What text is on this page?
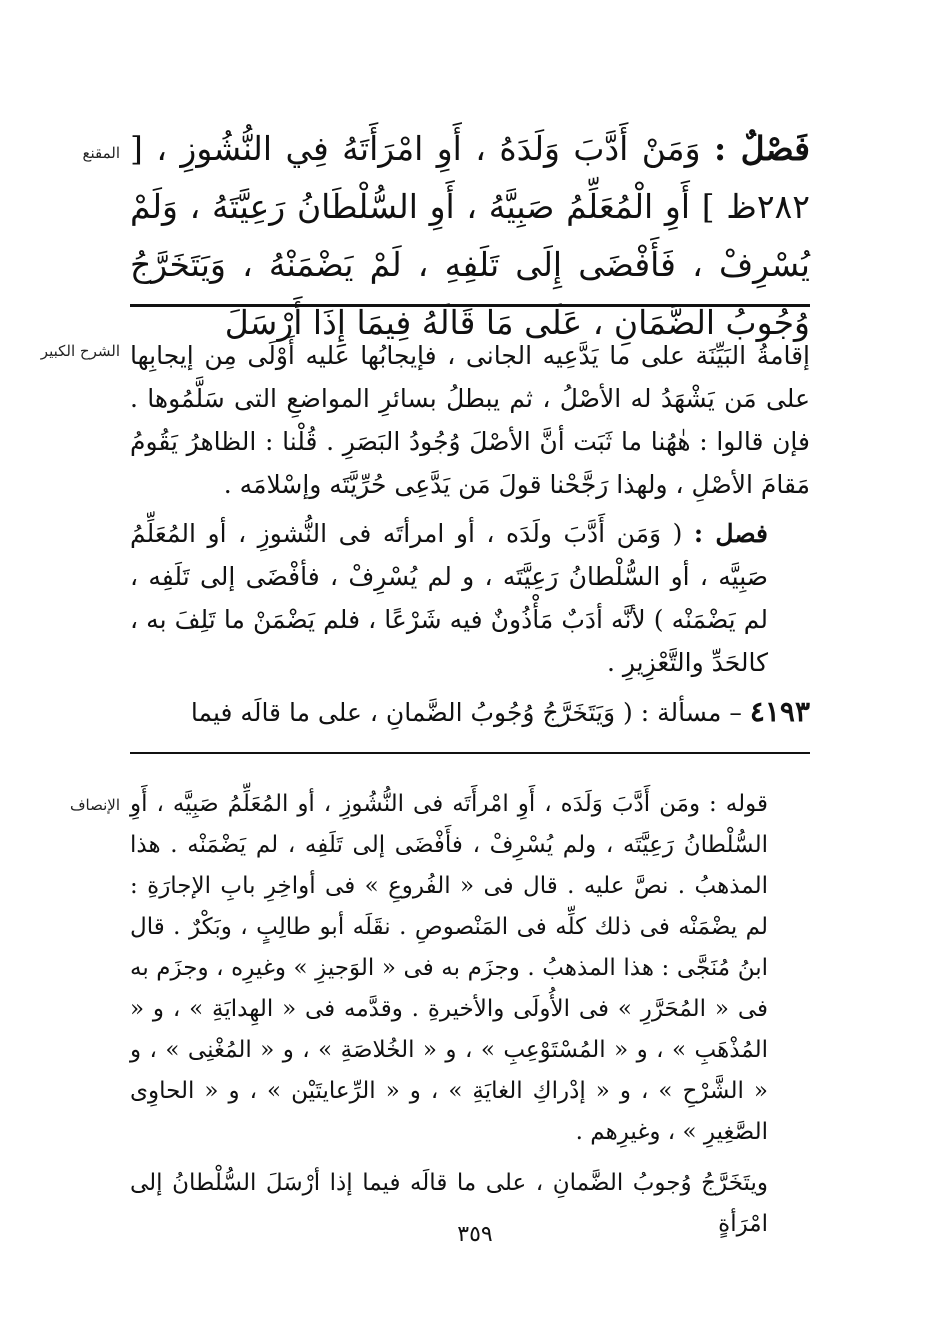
المقنع	فَصْلٌ : وَمَنْ أَدَّبَ وَلَدَهُ ، أَوِ امْرَأَتَهُ فِي النُّشُوزِ ، [ ٢٨٢ظ ] أَوِ الْمُعَلِّمُ صَبِيَّهُ ، أَوِ السُّلْطَانُ رَعِيَّتَهُ ، وَلَمْ يُسْرِفْ ، فَأَفْضَى إِلَى تَلَفِهِ ، لَمْ يَضْمَنْهُ ، وَيَتَخَرَّجُ وُجُوبُ الضَّمَانِ ، عَلَى مَا قَالَهُ فِيمَا إِذَا أَرْسَلَ

الشرح الكبير إقامةُ البَيِّنَة على ما يَدَّعِيه الجانى ، فإيجابُها عليه أَوْلَى مِن إيجابِها على مَن يَشْهَدُ له الأصْلُ ، ثم يبطلُ بسائرِ المواضعِ التى سَلَّمُوها . فإن قالوا : هٰهُنا ما ثَبَت أنَّ الأصْلَ وُجُودُ البَصَرِ . قُلْنا : الظاهرُ يَقُومُ مَقامَ الأصْلِ ، ولهذا رَجَّحْنا قولَ مَن يَدَّعِى حُرِّيَّتَه وإسْلامَه .

فصل : ( وَمَن أَدَّبَ ولَدَه ، أو امرأتَه فى النُّشوزِ ، أو المُعَلِّمُ صَبِيَّه ، أو السُّلْطانُ رَعِيَّتَه ، و لم يُسْرِفْ ، فأفْضَى إلى تَلَفِه ، لم يَضْمَنْه ) لأنَّه أدَبٌ مَأْذُونٌ فيه شَرْعًا ، فلم يَضْمَنْ ما تَلِفَ به ، كالحَدِّ والتَّعْزِيرِ .

٤١٩٣ – مسألة : ( وَيَتَخَرَّجُ وُجُوبُ الضَّمانِ ، على ما قالَه فيما

الإنصاف قوله : ومَن أَدَّبَ وَلَدَه ، أَوِ امْرأَتَه فى النُّشُوزِ ، أو المُعَلِّمُ صَبِيَّه ، أَوِ السُّلْطانُ رَعِيَّتَه ، ولم يُسْرِفْ ، فأَفْضَى إلى تَلَفِه ، لم يَضْمَنْه . هذا المذهبُ . نصَّ عليه . قال فى « الفُروعِ » فى أواخِرِ بابِ الإجارَةِ : لم يضْمَنْه فى ذلك كلِّه فى المَنْصوصِ . نقَلَه أبو طالِبٍ ، وبَكْرٌ . قال ابنُ مُنَجَّى : هذا المذهبُ . وجزَم به فى « الوَجيزِ » وغيرِه ، وجزَم به فى « المُحَرَّرِ » فى الأُولَى والأخيرةِ . وقدَّمه فى « الهِدايَةِ » ، و « المُذْهَبِ » ، و « المُسْتَوْعِبِ » ، و « الخُلاصَةِ » ، و « المُغْنِى » ، و « الشَّرْحِ » ، و « إدْراكِ الغايَةِ » ، و « الرِّعايتَيْن » ، و « الحاوِى الصَّغِيرِ » ، وغيرِهم .

ويتَخَرَّجُ وُجوبُ الضَّمانِ ، على ما قالَه فيما إذا أرْسَلَ السُّلْطانُ إلى امْرَأةٍ

٣٥٩
